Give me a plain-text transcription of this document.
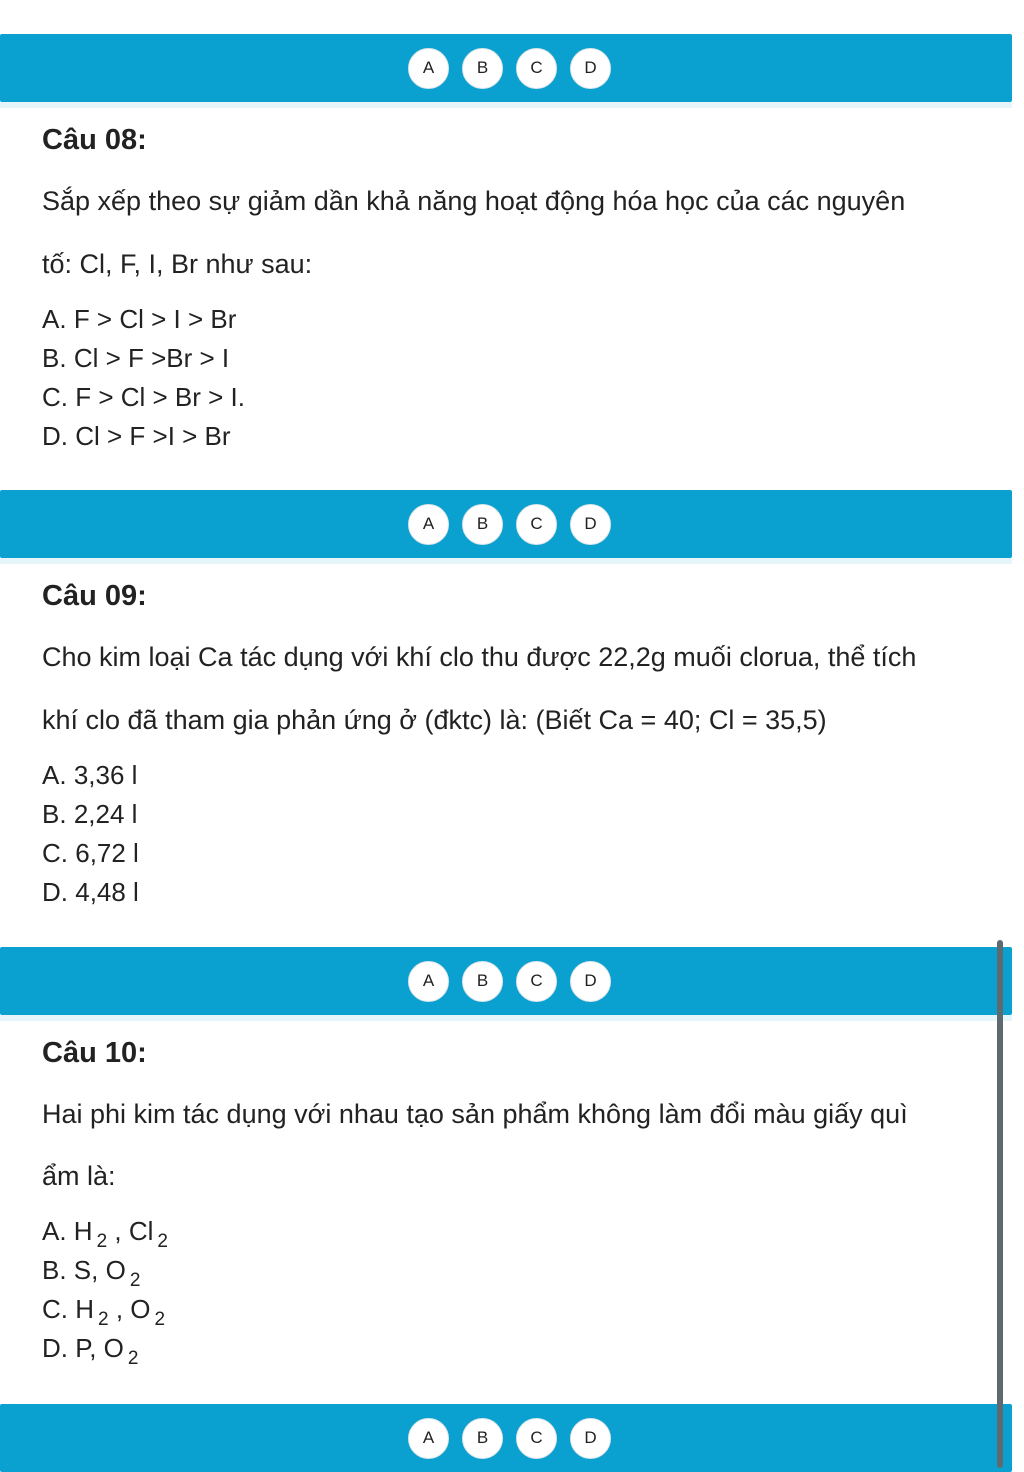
A	B	C	D
Câu 08:
Sắp xếp theo sự giảm dần khả năng hoạt động hóa học của các nguyên
tố: Cl, F, I, Br như sau:
A. F > Cl > I > Br
B. Cl > F >Br > I
C. F > Cl > Br > I.
D. Cl > F >I > Br
A	B	C	D
Câu 09:
Cho kim loại Ca tác dụng với khí clo thu được 22,2g muối clorua, thể tích
khí clo đã tham gia phản ứng ở (đktc) là: (Biết Ca = 40; Cl = 35,5)
A. 3,36 l
B. 2,24 l
C. 6,72 l
D. 4,48 l
A	B	C	D
Câu 10:
Hai phi kim tác dụng với nhau tạo sản phẩm không làm đổi màu giấy quì
ẩm là:
A. H $_2$ , Cl $_2$
B. S, O $_2$
C. H $_2$ , O $_2$
D. P, O $_2$
A	B	C	D
